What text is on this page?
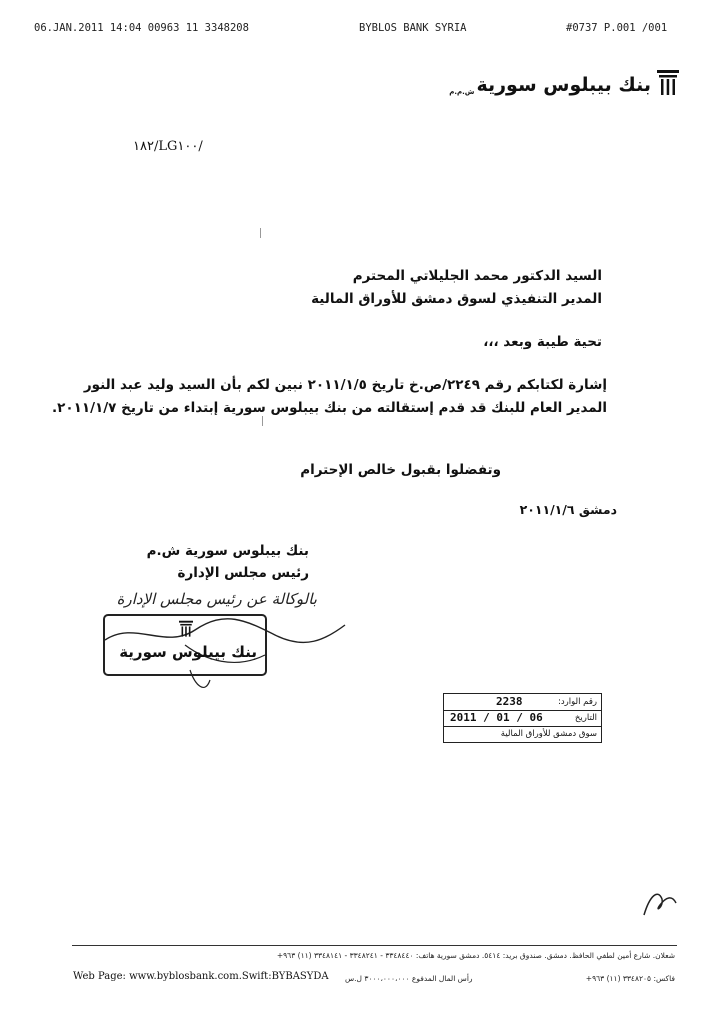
06.JAN.2011 14:04 00963 11 3348208	BYBLOS BANK SYRIA	#0737 P.001 /001
بنك بيبلوس سوريةش.م.م
١٨٢/LG١٠٠/
السيد الدكتور محمد الجليلاتي المحترم
المدير التنفيذي لسوق دمشق للأوراق المالية
تحية طيبة وبعد ،،،
إشارة لكتابكم رقم ٢٢٤٩/ص.خ تاريخ ٢٠١١/١/٥ نبين لكم بأن السيد وليد عبد النور
المدير العام للبنك قد قدم إستقالته من بنك بيبلوس سورية إبتداء من تاريخ ٢٠١١/١/٧.
وتفضلوا بقبول خالص الإحترام
دمشق ٢٠١١/١/٦
بنك بيبلوس سورية ش.م
رئيس مجلس الإدارة
بالوكالة عن رئيس مجلس الإدارة
بنك بيبلوس سورية
رقم الوارد:
2238
التاريخ
2011 / 01 / 06
سوق دمشق للأوراق المالية
شعلان. شارع أمين لطفي الحافظ. دمشق. صندوق بريد: ٥٤١٤. دمشق سورية هاتف: ٣٣٤٨٤٤٠ - ٣٣٤٨٢٤١ - ٣٣٤٨١٤١ (١١) ٩٦٣+
Web Page: www.byblosbank.com.Swift:BYBASYDA رأس المال المدفوع ٣٠٠٠،٠٠٠،٠٠٠ ل.س	فاكس: ٣٣٤٨٢٠٥ (١١) ٩٦٣+
